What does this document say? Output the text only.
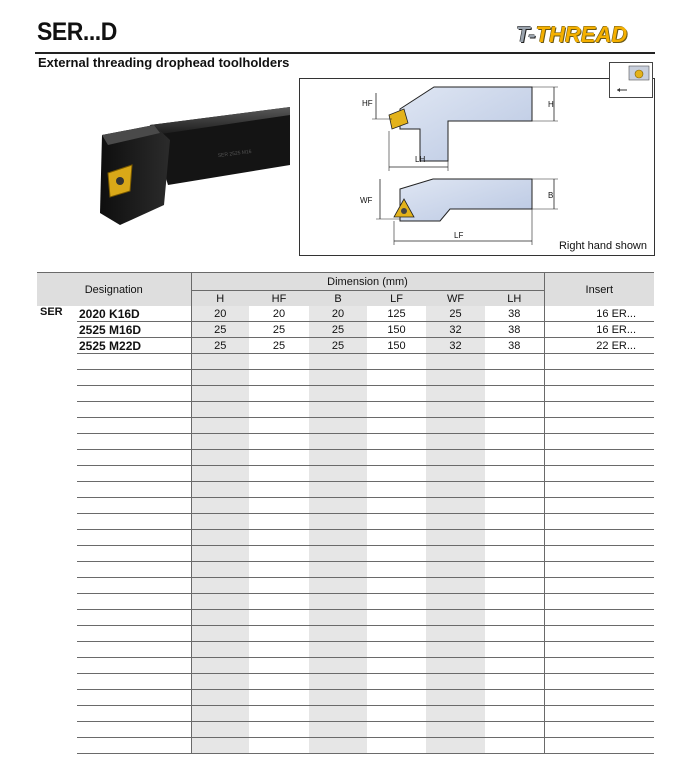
SER...D	T-THREAD
External threading drophead toolholders
SER 2525 M16
HF	H
LH
WF
B
LF
Right hand shown
Designation		Dimension (mm)						Insert
		H	HF	B	LF	WF	LH	
SER	2020 K16D	20	20	20	125	25	38	16 ER...
	2525 M16D	25	25	25	150	32	38	16 ER...
	2525 M22D	25	25	25	150	32	38	22 ER...
